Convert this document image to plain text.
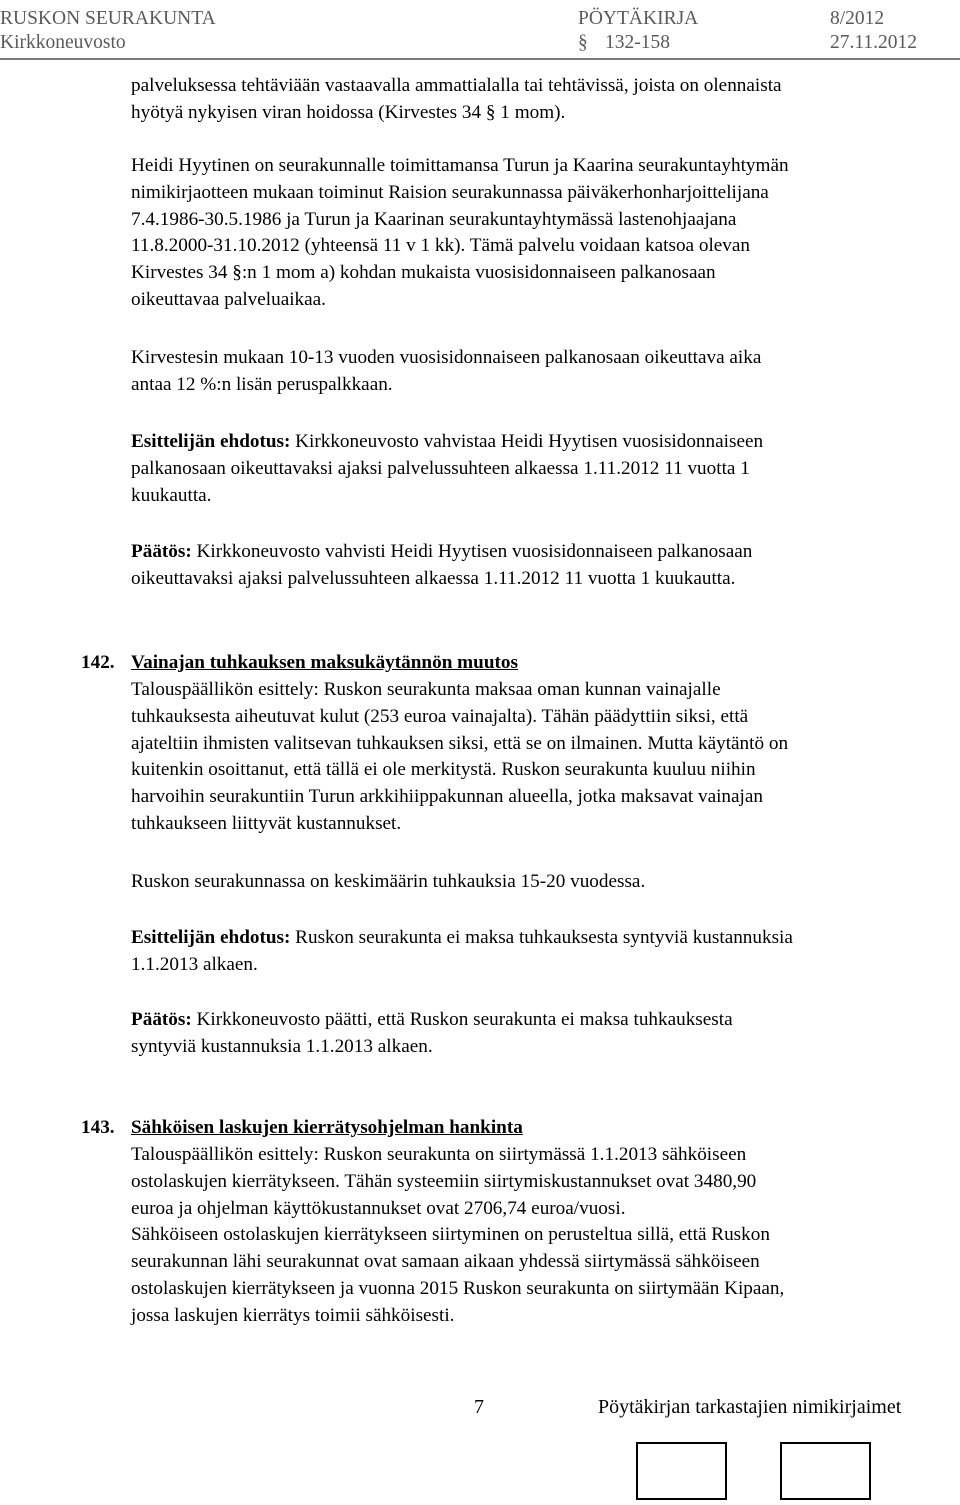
RUSKON SEURAKUNTA	PÖYTÄKIRJA	8/2012
Kirkkoneuvosto	§ 132-158	27.11.2012
palveluksessa tehtäviään vastaavalla ammattialalla tai tehtävissä, joista on olennaista
hyötyä nykyisen viran hoidossa (Kirvestes 34 § 1 mom).
Heidi Hyytinen on seurakunnalle toimittamansa Turun ja Kaarina seurakuntayhtymän
nimikirjaotteen mukaan toiminut Raision seurakunnassa päiväkerhonharjoittelijana
7.4.1986-30.5.1986 ja Turun ja Kaarinan seurakuntayhtymässä lastenohjaajana
11.8.2000-31.10.2012 (yhteensä 11 v 1 kk). Tämä palvelu voidaan katsoa olevan
Kirvestes 34 §:n 1 mom a) kohdan mukaista vuosisidonnaiseen palkanosaan
oikeuttavaa palveluaikaa.
Kirvestesin mukaan 10-13 vuoden vuosisidonnaiseen palkanosaan oikeuttava aika
antaa 12 %:n lisän peruspalkkaan.
Esittelijän ehdotus: Kirkkoneuvosto vahvistaa Heidi Hyytisen vuosisidonnaiseen
palkanosaan oikeuttavaksi ajaksi palvelussuhteen alkaessa 1.11.2012 11 vuotta 1
kuukautta.
Päätös: Kirkkoneuvosto vahvisti Heidi Hyytisen vuosisidonnaiseen palkanosaan
oikeuttavaksi ajaksi palvelussuhteen alkaessa 1.11.2012 11 vuotta 1 kuukautta.
142. Vainajan tuhkauksen maksukäytännön muutos
Talouspäällikön esittely: Ruskon seurakunta maksaa oman kunnan vainajalle
tuhkauksesta aiheutuvat kulut (253 euroa vainajalta). Tähän päädyttiin siksi, että
ajateltiin ihmisten valitsevan tuhkauksen siksi, että se on ilmainen. Mutta käytäntö on
kuitenkin osoittanut, että tällä ei ole merkitystä. Ruskon seurakunta kuuluu niihin
harvoihin seurakuntiin Turun arkkihiippakunnan alueella, jotka maksavat vainajan
tuhkaukseen liittyvät kustannukset.
Ruskon seurakunnassa on keskimäärin tuhkauksia 15-20 vuodessa.
Esittelijän ehdotus: Ruskon seurakunta ei maksa tuhkauksesta syntyviä kustannuksia
1.1.2013 alkaen.
Päätös: Kirkkoneuvosto päätti, että Ruskon seurakunta ei maksa tuhkauksesta
syntyviä kustannuksia 1.1.2013 alkaen.
143. Sähköisen laskujen kierrätysohjelman hankinta
Talouspäällikön esittely: Ruskon seurakunta on siirtymässä 1.1.2013 sähköiseen
ostolaskujen kierrätykseen. Tähän systeemiin siirtymiskustannukset ovat 3480,90
euroa ja ohjelman käyttökustannukset ovat 2706,74 euroa/vuosi.
Sähköiseen ostolaskujen kierrätykseen siirtyminen on perusteltua sillä, että Ruskon
seurakunnan lähi seurakunnat ovat samaan aikaan yhdessä siirtymässä sähköiseen
ostolaskujen kierrätykseen ja vuonna 2015 Ruskon seurakunta on siirtymään Kipaan,
jossa laskujen kierrätys toimii sähköisesti.
7	Pöytäkirjan tarkastajien nimikirjaimet
